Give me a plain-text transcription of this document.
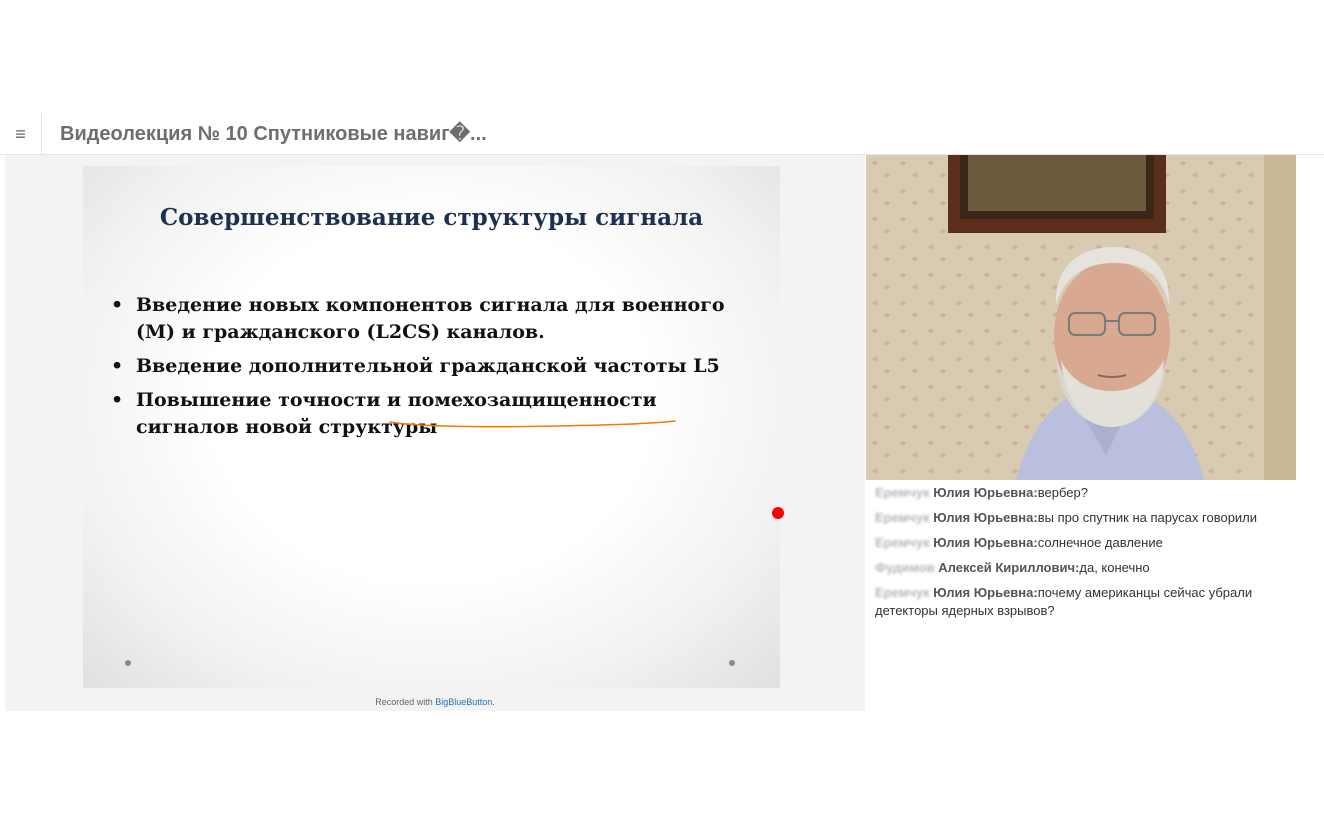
≡ Видеолекция № 10 Спутниковые навиг�...
Совершенствование структуры сигнала
• Введение новых компонентов сигнала для военного (M) и гражданского (L2CS) каналов.
• Введение дополнительной гражданской частоты L5
• Повышение точности и помехозащищенности сигналов новой структуры
Recorded with BigBlueButton.
Еремчук Юлия Юрьевна:вербер?
Еремчук Юлия Юрьевна:вы про спутник на парусах говорили
Еремчук Юлия Юрьевна:солнечное давление
Фудимов Алексей Кириллович:да, конечно
Еремчук Юлия Юрьевна:почему американцы сейчас убрали детекторы ядерных взрывов?
